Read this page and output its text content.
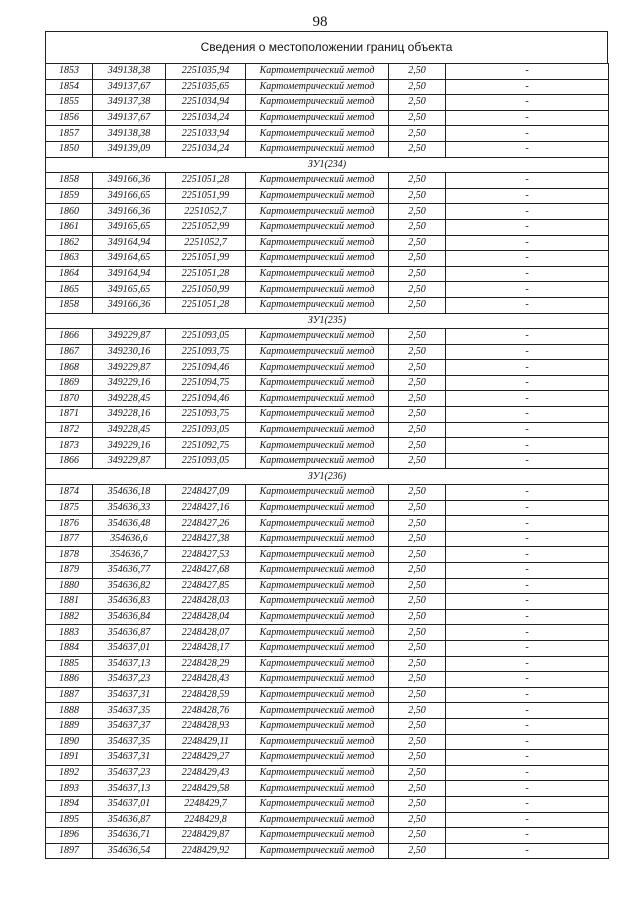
98
Сведения о местоположении границ объекта
1853	349138,38	2251035,94	Картометрический метод	2,50	-
1854	349137,67	2251035,65	Картометрический метод	2,50	-
1855	349137,38	2251034,94	Картометрический метод	2,50	-
1856	349137,67	2251034,24	Картометрический метод	2,50	-
1857	349138,38	2251033,94	Картометрический метод	2,50	-
1850	349139,09	2251034,24	Картометрический метод	2,50	-
ЗУ1(234)					
1858	349166,36	2251051,28	Картометрический метод	2,50	-
1859	349166,65	2251051,99	Картометрический метод	2,50	-
1860	349166,36	2251052,7	Картометрический метод	2,50	-
1861	349165,65	2251052,99	Картометрический метод	2,50	-
1862	349164,94	2251052,7	Картометрический метод	2,50	-
1863	349164,65	2251051,99	Картометрический метод	2,50	-
1864	349164,94	2251051,28	Картометрический метод	2,50	-
1865	349165,65	2251050,99	Картометрический метод	2,50	-
1858	349166,36	2251051,28	Картометрический метод	2,50	-
ЗУ1(235)					
1866	349229,87	2251093,05	Картометрический метод	2,50	-
1867	349230,16	2251093,75	Картометрический метод	2,50	-
1868	349229,87	2251094,46	Картометрический метод	2,50	-
1869	349229,16	2251094,75	Картометрический метод	2,50	-
1870	349228,45	2251094,46	Картометрический метод	2,50	-
1871	349228,16	2251093,75	Картометрический метод	2,50	-
1872	349228,45	2251093,05	Картометрический метод	2,50	-
1873	349229,16	2251092,75	Картометрический метод	2,50	-
1866	349229,87	2251093,05	Картометрический метод	2,50	-
ЗУ1(236)					
1874	354636,18	2248427,09	Картометрический метод	2,50	-
1875	354636,33	2248427,16	Картометрический метод	2,50	-
1876	354636,48	2248427,26	Картометрический метод	2,50	-
1877	354636,6	2248427,38	Картометрический метод	2,50	-
1878	354636,7	2248427,53	Картометрический метод	2,50	-
1879	354636,77	2248427,68	Картометрический метод	2,50	-
1880	354636,82	2248427,85	Картометрический метод	2,50	-
1881	354636,83	2248428,03	Картометрический метод	2,50	-
1882	354636,84	2248428,04	Картометрический метод	2,50	-
1883	354636,87	2248428,07	Картометрический метод	2,50	-
1884	354637,01	2248428,17	Картометрический метод	2,50	-
1885	354637,13	2248428,29	Картометрический метод	2,50	-
1886	354637,23	2248428,43	Картометрический метод	2,50	-
1887	354637,31	2248428,59	Картометрический метод	2,50	-
1888	354637,35	2248428,76	Картометрический метод	2,50	-
1889	354637,37	2248428,93	Картометрический метод	2,50	-
1890	354637,35	2248429,11	Картометрический метод	2,50	-
1891	354637,31	2248429,27	Картометрический метод	2,50	-
1892	354637,23	2248429,43	Картометрический метод	2,50	-
1893	354637,13	2248429,58	Картометрический метод	2,50	-
1894	354637,01	2248429,7	Картометрический метод	2,50	-
1895	354636,87	2248429,8	Картометрический метод	2,50	-
1896	354636,71	2248429,87	Картометрический метод	2,50	-
1897	354636,54	2248429,92	Картометрический метод	2,50	-
